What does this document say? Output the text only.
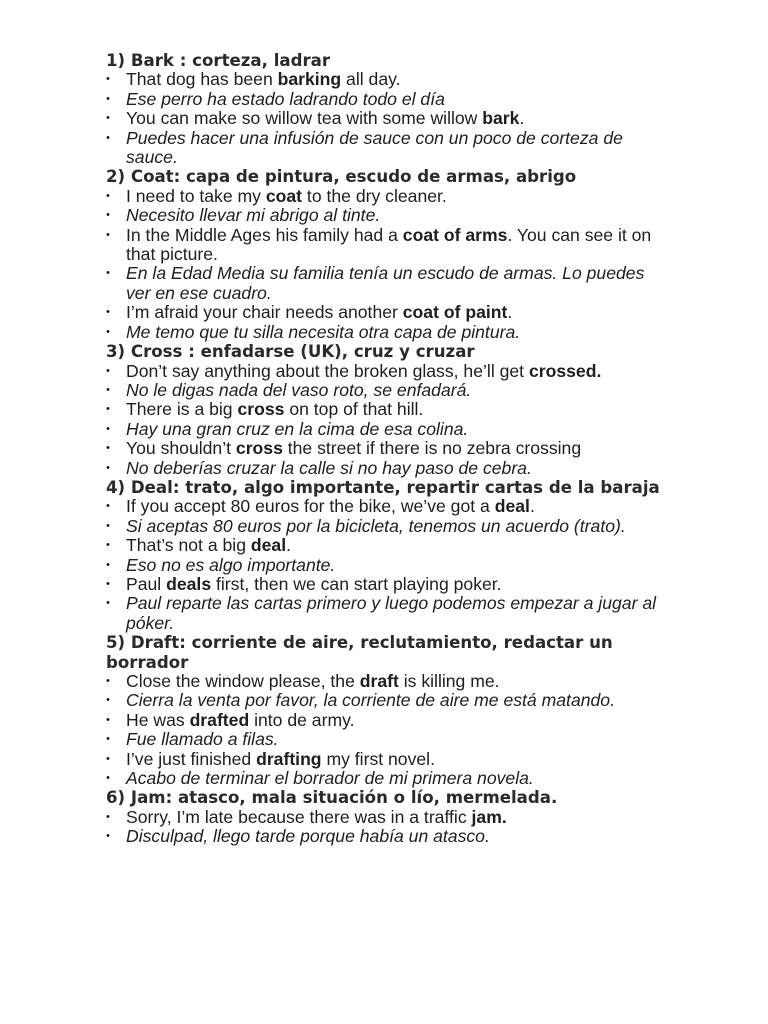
1) Bark : corteza, ladrar
• That dog has been barking all day.
• Ese perro ha estado ladrando todo el día
• You can make so willow tea with some willow bark.
• Puedes hacer una infusión de sauce con un poco de corteza de sauce.
2) Coat: capa de pintura, escudo de armas, abrigo
• I need to take my coat to the dry cleaner.
• Necesito llevar mi abrigo al tinte.
• In the Middle Ages his family had a coat of arms. You can see it on that picture.
• En la Edad Media su familia tenía un escudo de armas. Lo puedes ver en ese cuadro.
• I’m afraid your chair needs another coat of paint.
• Me temo que tu silla necesita otra capa de pintura.
3) Cross : enfadarse (UK), cruz y cruzar
• Don’t say anything about the broken glass, he’ll get crossed.
• No le digas nada del vaso roto, se enfadará.
• There is a big cross on top of that hill.
• Hay una gran cruz en la cima de esa colina.
• You shouldn’t cross the street if there is no zebra crossing
• No deberías cruzar la calle si no hay paso de cebra.
4) Deal: trato, algo importante, repartir cartas de la baraja
• If you accept 80 euros for the bike, we’ve got a deal.
• Si aceptas 80 euros por la bicicleta, tenemos un acuerdo (trato).
• That’s not a big deal.
• Eso no es algo importante.
• Paul deals first, then we can start playing poker.
• Paul reparte las cartas primero y luego podemos empezar a jugar al póker.
5) Draft: corriente de aire, reclutamiento, redactar un borrador
• Close the window please, the draft is killing me.
• Cierra la venta por favor, la corriente de aire me está matando.
• He was drafted into de army.
• Fue llamado a filas.
• I’ve just finished drafting my first novel.
• Acabo de terminar el borrador de mi primera novela.
6) Jam: atasco, mala situación o lío, mermelada.
• Sorry, I’m late because there was in a traffic jam.
• Disculpad, llego tarde porque había un atasco.
